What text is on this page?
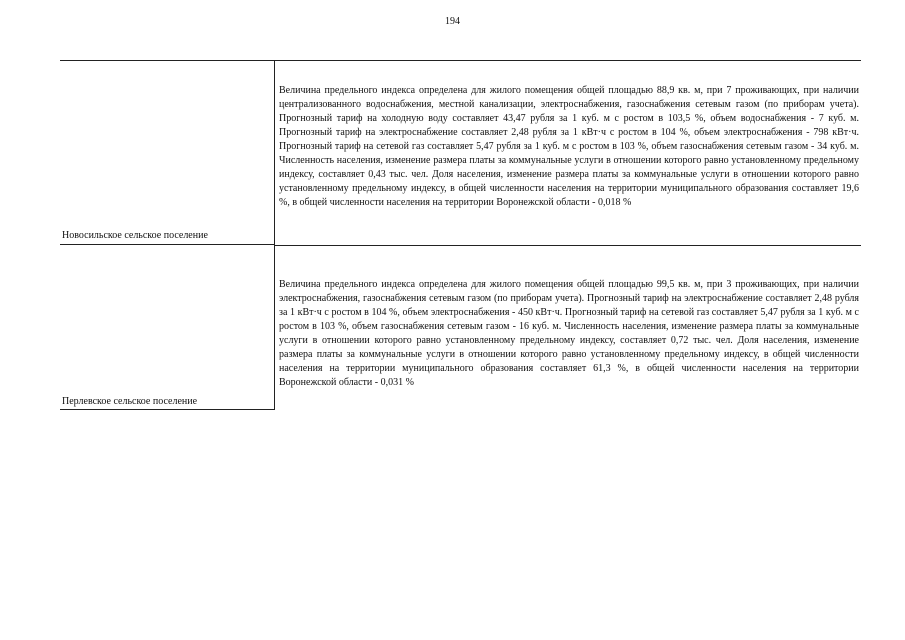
194
Новосильское сельское поселение
Величина предельного индекса определена для жилого помещения общей площадью 88,9 кв. м, при 7 проживающих, при наличии централизованного водоснабжения, местной канализации, электроснабжения, газоснабжения сетевым газом (по приборам учета). Прогнозный тариф на холодную воду составляет 43,47 рубля за 1 куб. м с ростом в 103,5 %, объем водоснабжения - 7 куб. м. Прогнозный тариф на электроснабжение составляет 2,48 рубля за 1 кВт·ч с ростом в 104 %, объем электроснабжения - 798 кВт·ч. Прогнозный тариф на сетевой газ составляет 5,47 рубля за 1 куб. м с ростом в 103 %, объем газоснабжения сетевым газом - 34 куб. м. Численность населения, изменение размера платы за коммунальные услуги в отношении которого равно установленному предельному индексу, составляет 0,43 тыс. чел. Доля населения, изменение размера платы за коммунальные услуги в отношении которого равно установленному предельному индексу, в общей численности населения на территории муниципального образования составляет 19,6 %, в общей численности населения на территории Воронежской области - 0,018 %
Перлевское сельское поселение
Величина предельного индекса определена для жилого помещения общей площадью 99,5 кв. м, при 3 проживающих, при наличии электроснабжения, газоснабжения сетевым газом (по приборам учета). Прогнозный тариф на электроснабжение составляет 2,48 рубля за 1 кВт·ч с ростом в 104 %, объем электроснабжения - 450 кВт·ч. Прогнозный тариф на сетевой газ составляет 5,47 рубля за 1 куб. м с ростом в 103 %, объем газоснабжения сетевым газом - 16 куб. м. Численность населения, изменение размера платы за коммунальные услуги в отношении которого равно установленному предельному индексу, составляет 0,72 тыс. чел. Доля населения, изменение размера платы за коммунальные услуги в отношении которого равно установленному предельному индексу, в общей численности населения на территории муниципального образования составляет 61,3 %, в общей численности населения на территории Воронежской области - 0,031 %
